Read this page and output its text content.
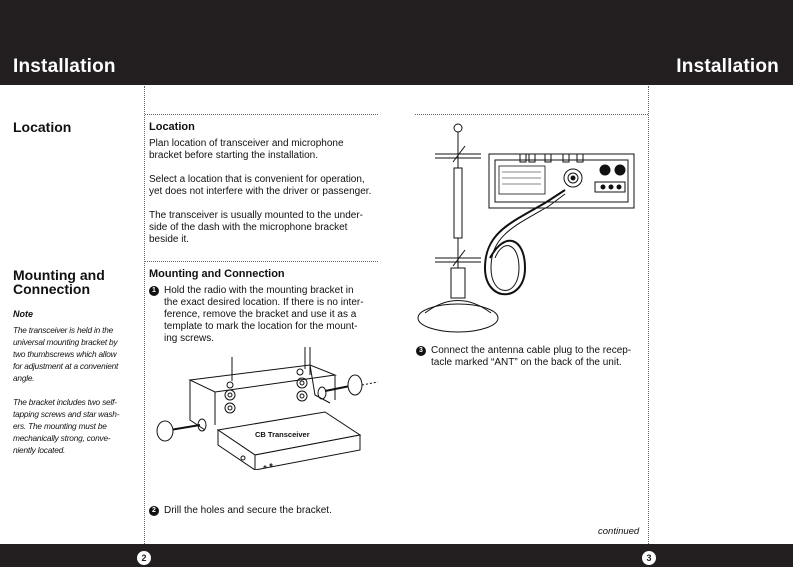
Installation	Installation
Location
Mounting and
Connection
Note
The transceiver is held in the
universal mounting bracket by
two thumbscrews which allow
for adjustment at a convenient
angle.
The bracket includes two self-
tapping screws and star wash-
ers. The mounting must be
mechanically strong, conve-
niently located.
Location
Plan location of transceiver and microphone
bracket before starting the installation.
Select a location that is convenient for operation,
yet does not interfere with the driver or passenger.
The transceiver is usually mounted to the under-
side of the dash with the microphone bracket
beside it.
Mounting and Connection
1 Hold the radio with the mounting bracket in
the exact desired location. If there is no inter-
ference, remove the bracket and use it as a
template to mark the location for the mount-
ing screws.
2 Drill the holes and secure the bracket.
3 Connect the antenna cable plug to the recep-
tacle marked “ANT” on the back of the unit.
CB Transceiver
continued
2	3
